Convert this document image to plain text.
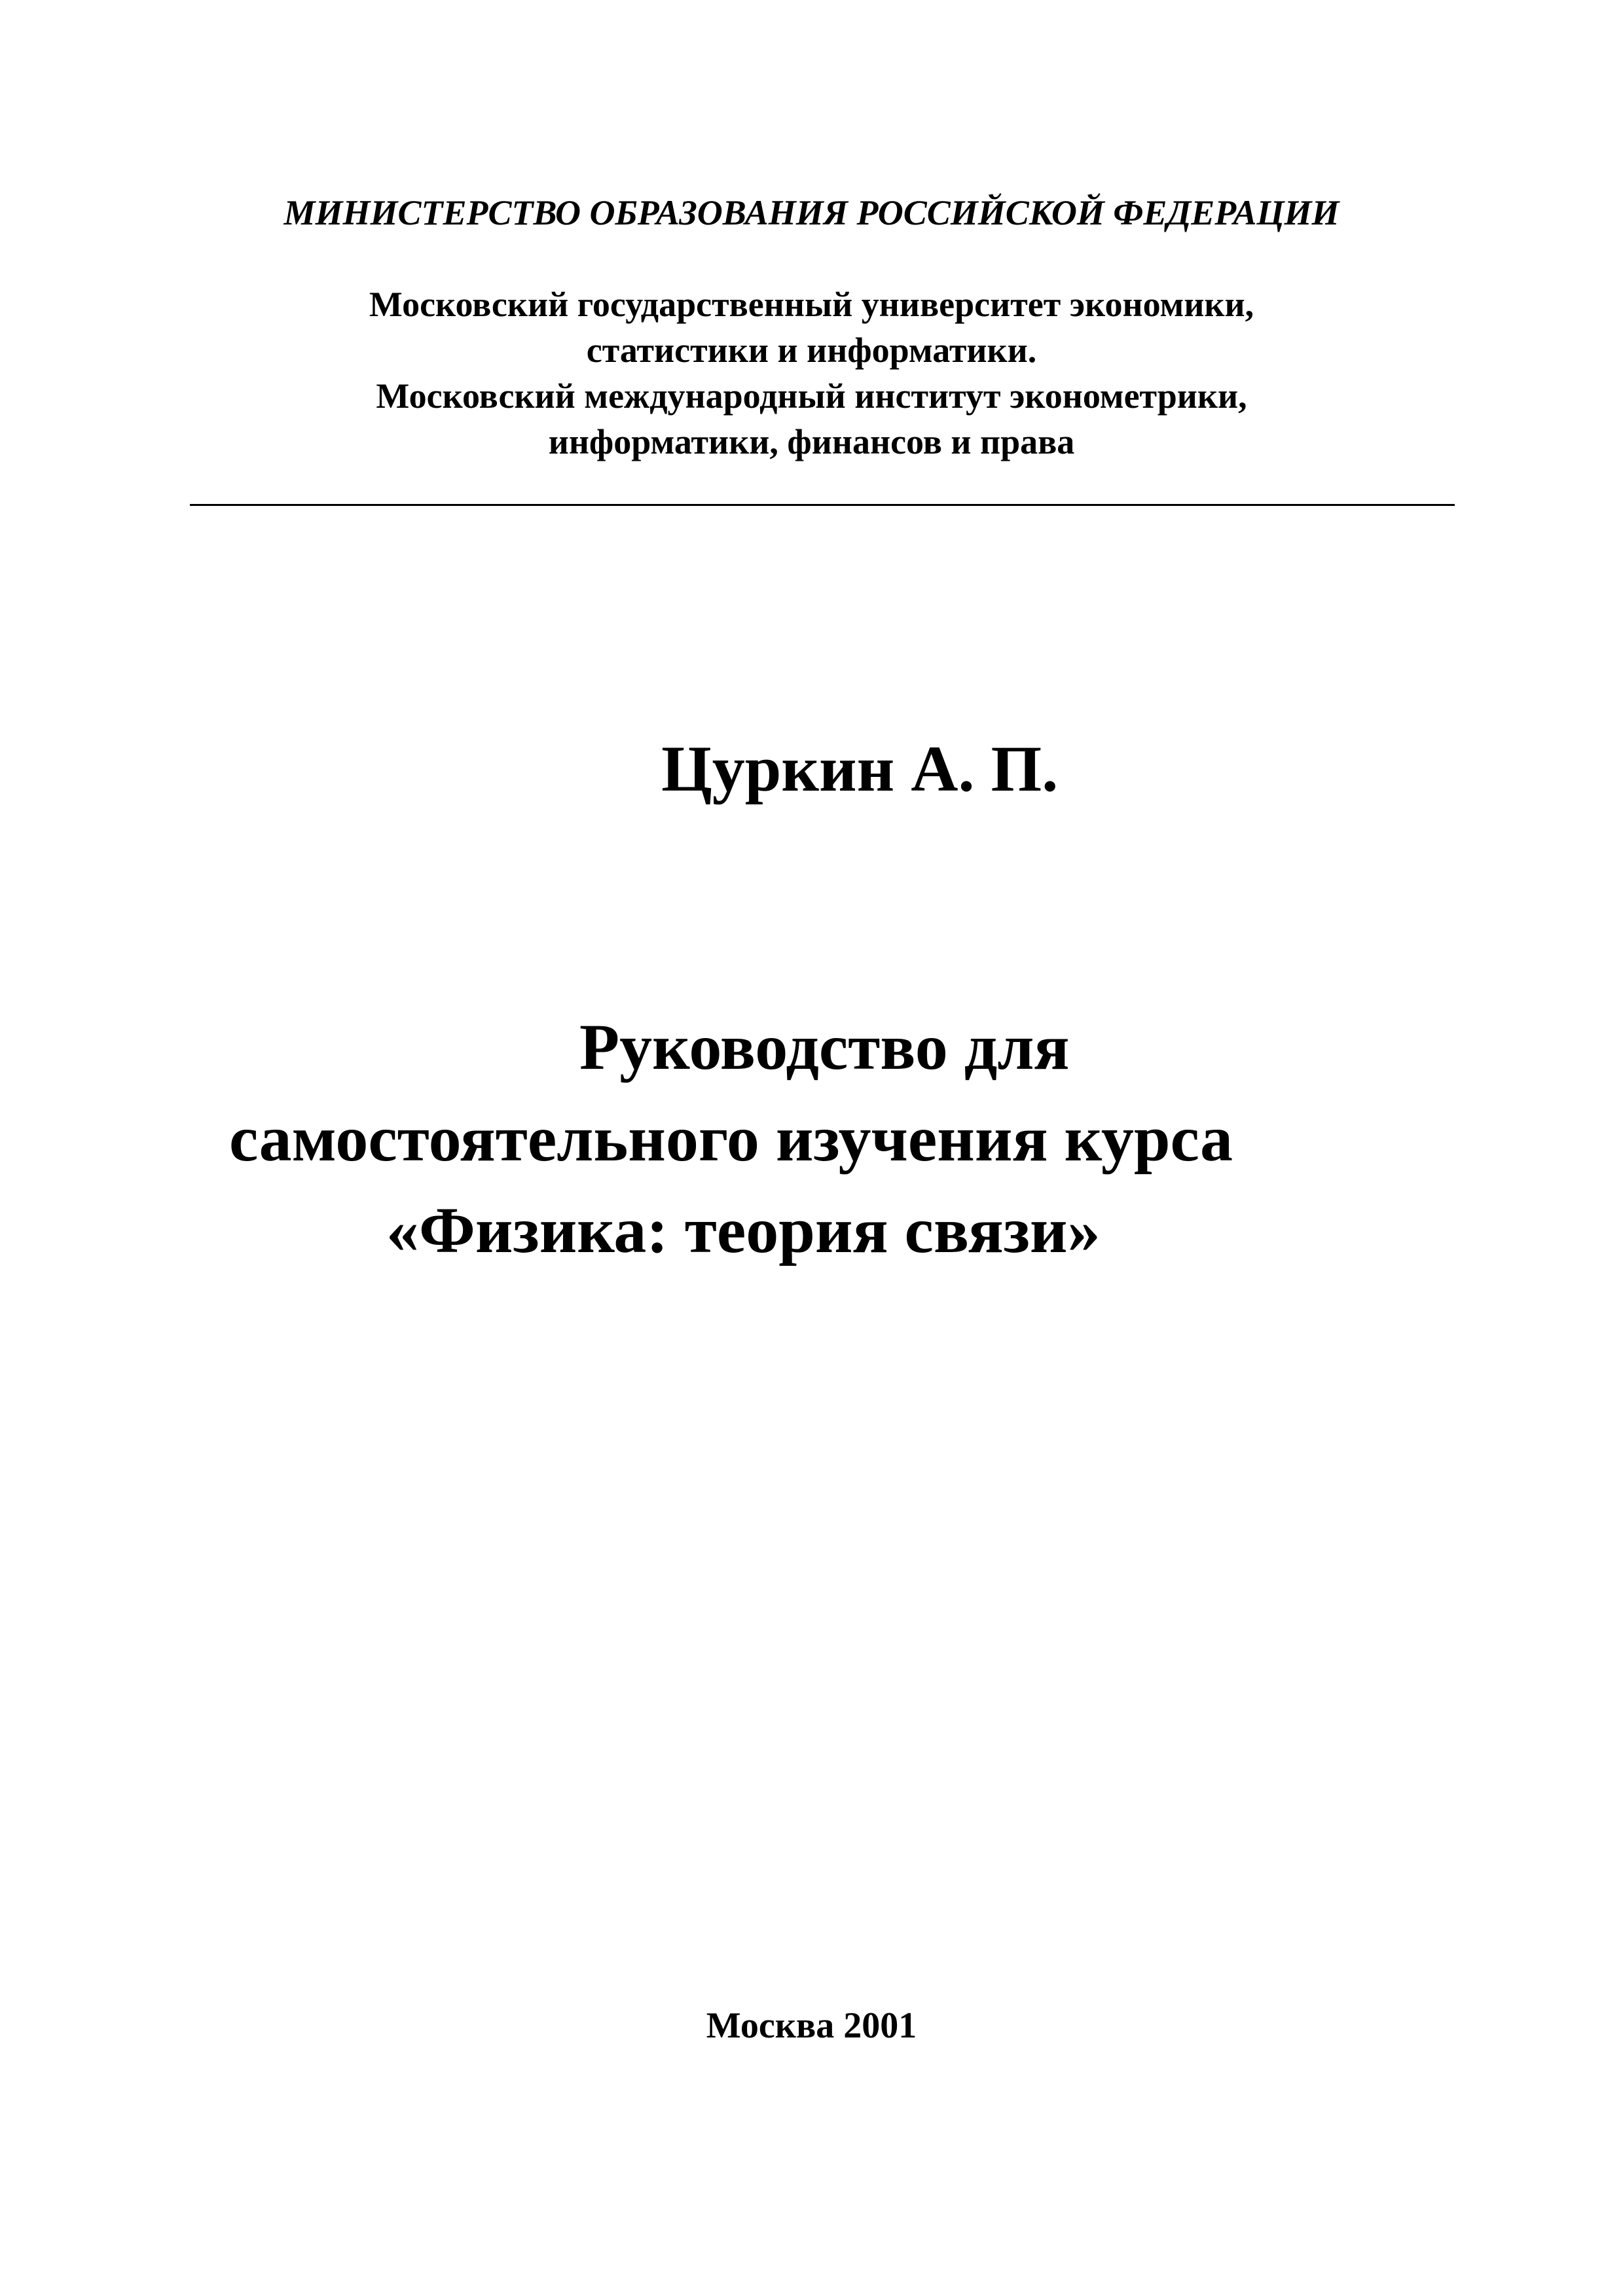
МИНИСТЕРСТВО ОБРАЗОВАНИЯ РОССИЙСКОЙ ФЕДЕРАЦИИ
Московский государственный университет экономики,
статистики и информатики.
Московский международный институт эконометрики,
информатики, финансов и права
Цуркин А. П.
Руководство для
самостоятельного изучения курса
«Физика: теория связи»
Москва 2001
